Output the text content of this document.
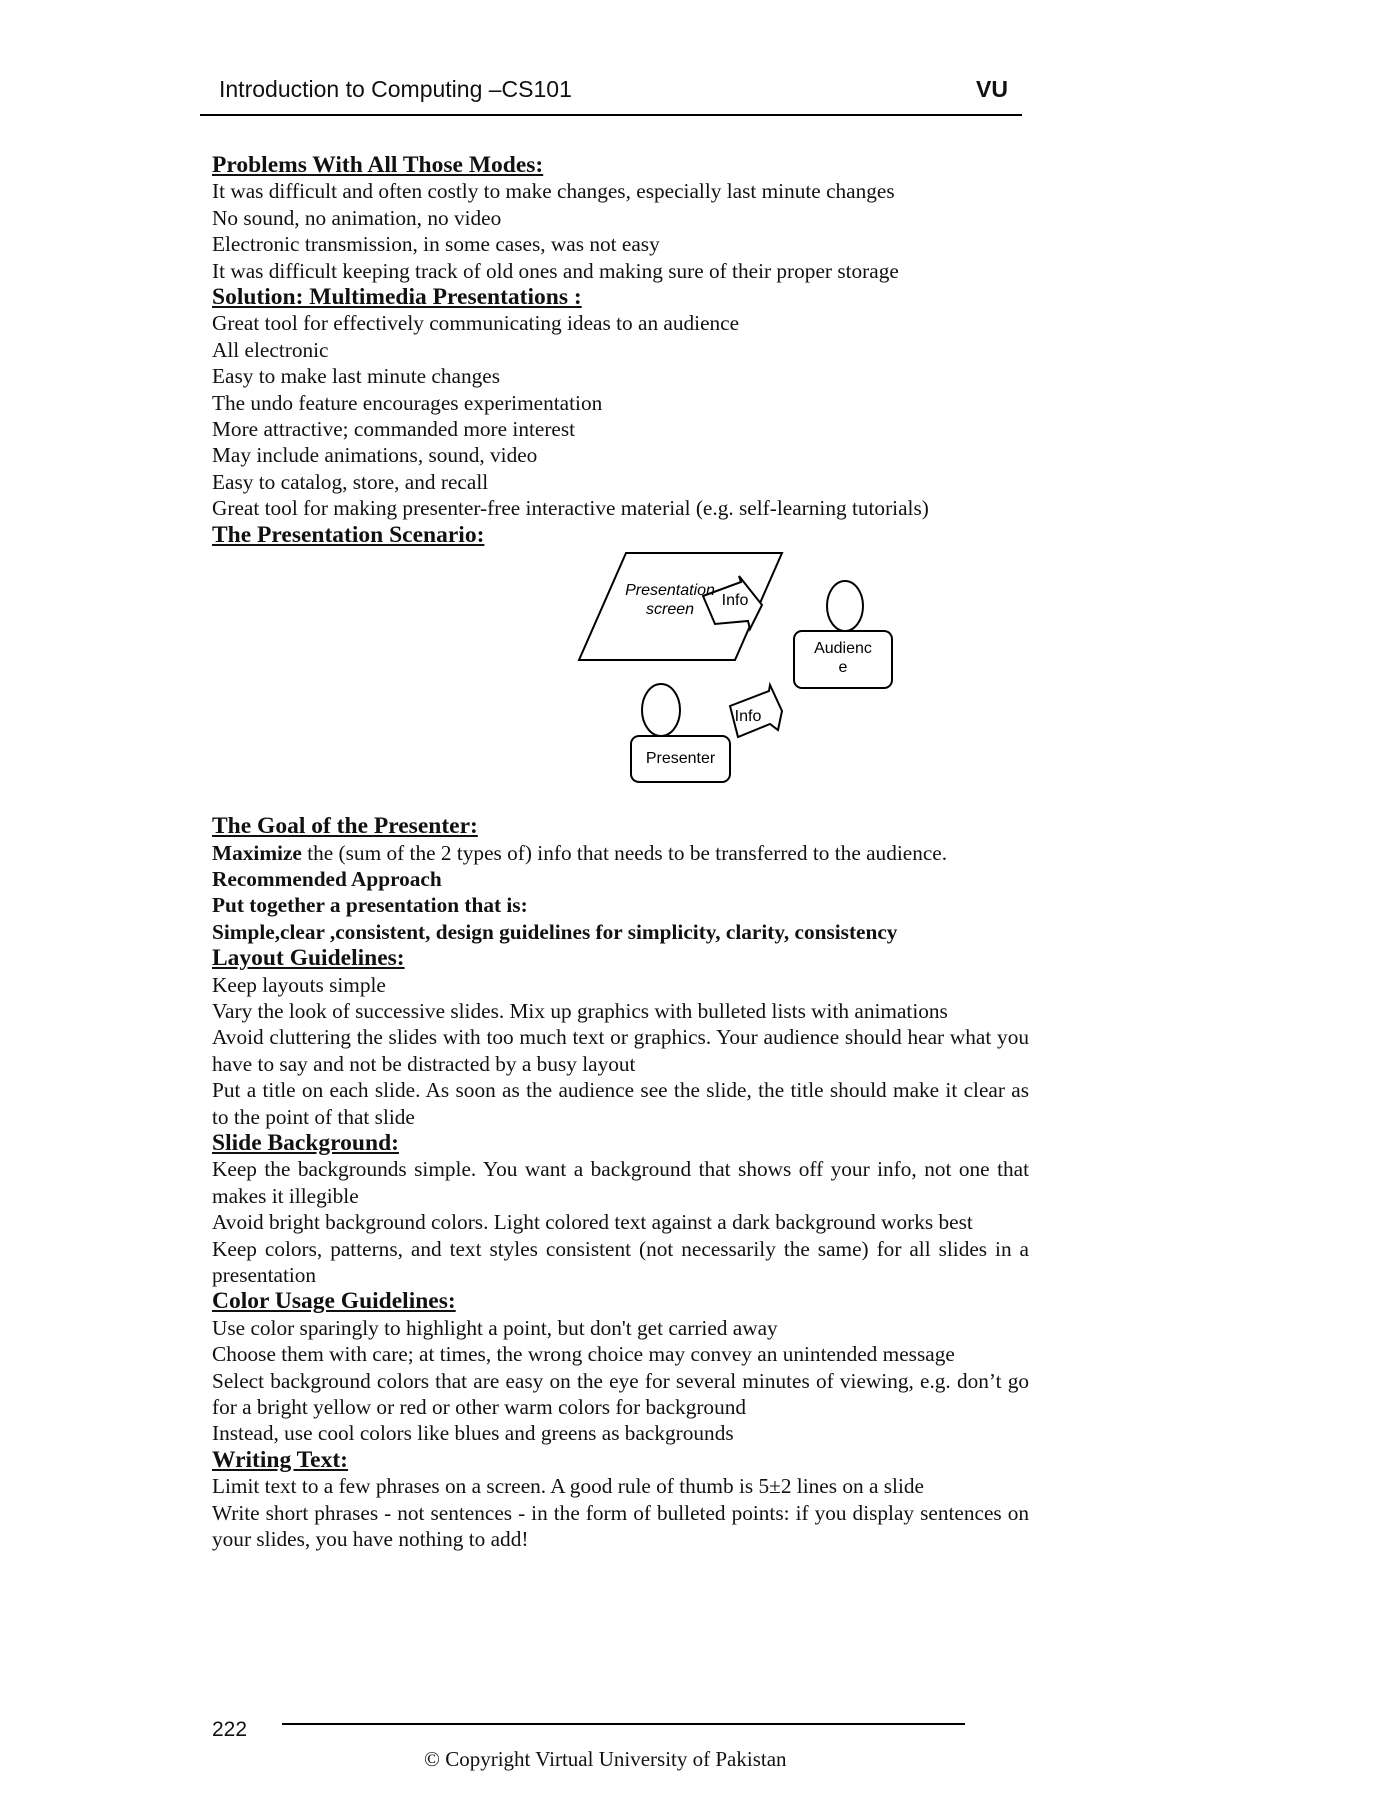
Introduction to Computing –CS101	VU
Problems With All Those Modes:

It was difficult and often costly to make changes, especially last minute changes

No sound, no animation, no video

Electronic transmission, in some cases, was not easy

It was difficult keeping track of old ones and making sure of their proper storage

Solution: Multimedia Presentations :

Great tool for effectively communicating ideas to an audience

All electronic

Easy to make last minute changes

The undo feature encourages experimentation

More attractive; commanded more interest

May include animations, sound, video

Easy to catalog, store, and recall

Great tool for making presenter-free interactive material (e.g. self-learning tutorials)

The Presentation Scenario:
Presentation
screen
Info
Audienc
e
Info
Presenter
The Goal of the Presenter:

Maximize the (sum of the 2 types of) info that needs to be transferred to the audience.

Recommended Approach

Put together a presentation that is:

Simple,clear ,consistent, design guidelines for simplicity, clarity, consistency

Layout Guidelines:

Keep layouts simple

Vary the look of successive slides. Mix up graphics with bulleted lists with animations

Avoid cluttering the slides with too much text or graphics. Your audience should hear what you have to say and not be distracted by a busy layout

Put a title on each slide. As soon as the audience see the slide, the title should make it clear as to the point of that slide

Slide Background:

Keep the backgrounds simple. You want a background that shows off your info, not one that makes it illegible

Avoid bright background colors. Light colored text against a dark background works best

Keep colors, patterns, and text styles consistent (not necessarily the same) for all slides in a presentation

Color Usage Guidelines:

Use color sparingly to highlight a point, but don't get carried away

Choose them with care; at times, the wrong choice may convey an unintended message

Select background colors that are easy on the eye for several minutes of viewing, e.g. don’t go for a bright yellow or red or other warm colors for background

Instead, use cool colors like blues and greens as backgrounds

Writing Text:

Limit text to a few phrases on a screen. A good rule of thumb is 5±2 lines on a slide

Write short phrases - not sentences - in the form of bulleted points: if you display sentences on your slides, you have nothing to add!

222
© Copyright Virtual University of Pakistan
